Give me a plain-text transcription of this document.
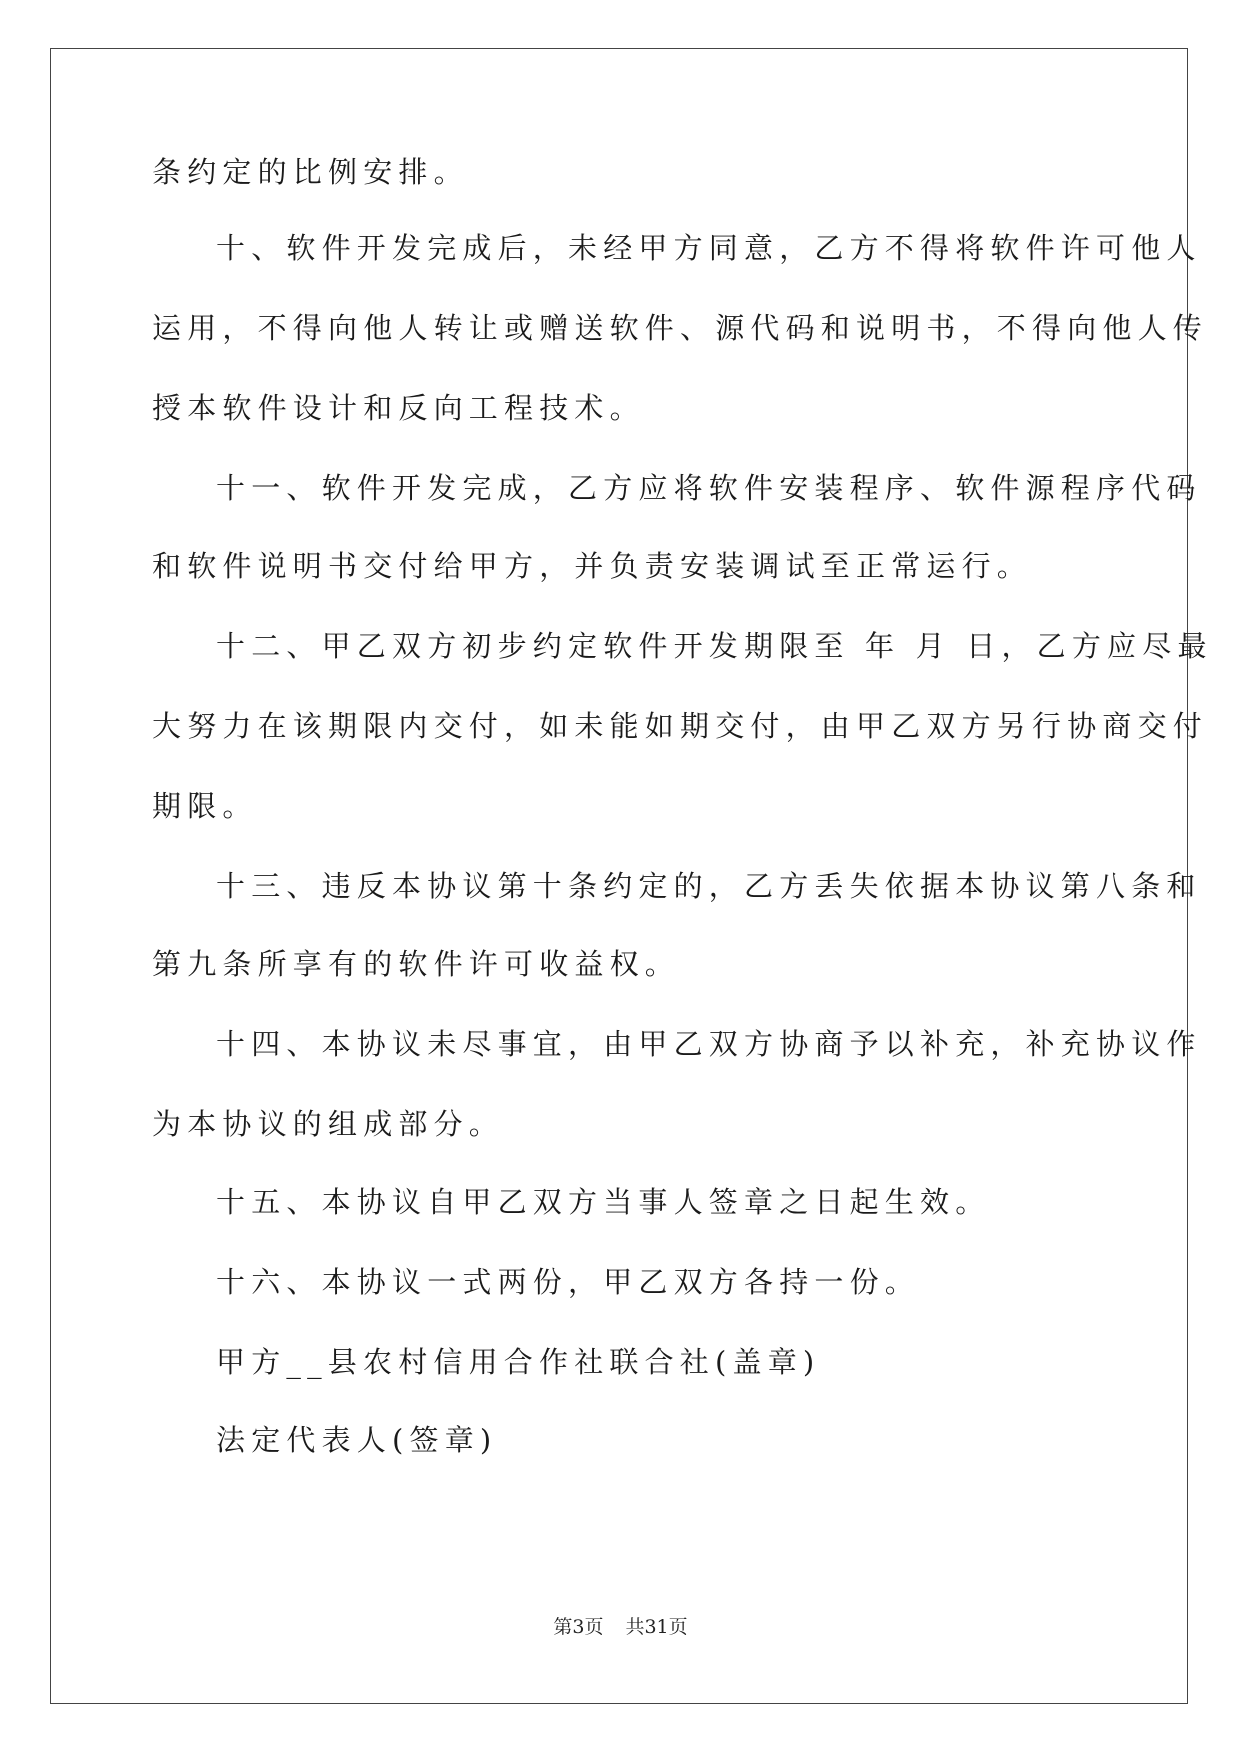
条约定的比例安排。
十、软件开发完成后，未经甲方同意，乙方不得将软件许可他人
运用，不得向他人转让或赠送软件、源代码和说明书，不得向他人传
授本软件设计和反向工程技术。
十一、软件开发完成，乙方应将软件安装程序、软件源程序代码
和软件说明书交付给甲方，并负责安装调试至正常运行。
十二、甲乙双方初步约定软件开发期限至 年 月 日，乙方应尽最
大努力在该期限内交付，如未能如期交付，由甲乙双方另行协商交付
期限。
十三、违反本协议第十条约定的，乙方丢失依据本协议第八条和
第九条所享有的软件许可收益权。
十四、本协议未尽事宜，由甲乙双方协商予以补充，补充协议作
为本协议的组成部分。
十五、本协议自甲乙双方当事人签章之日起生效。
十六、本协议一式两份，甲乙双方各持一份。
甲方__县农村信用合作社联合社(盖章)
法定代表人(签章)
第3页 共31页
